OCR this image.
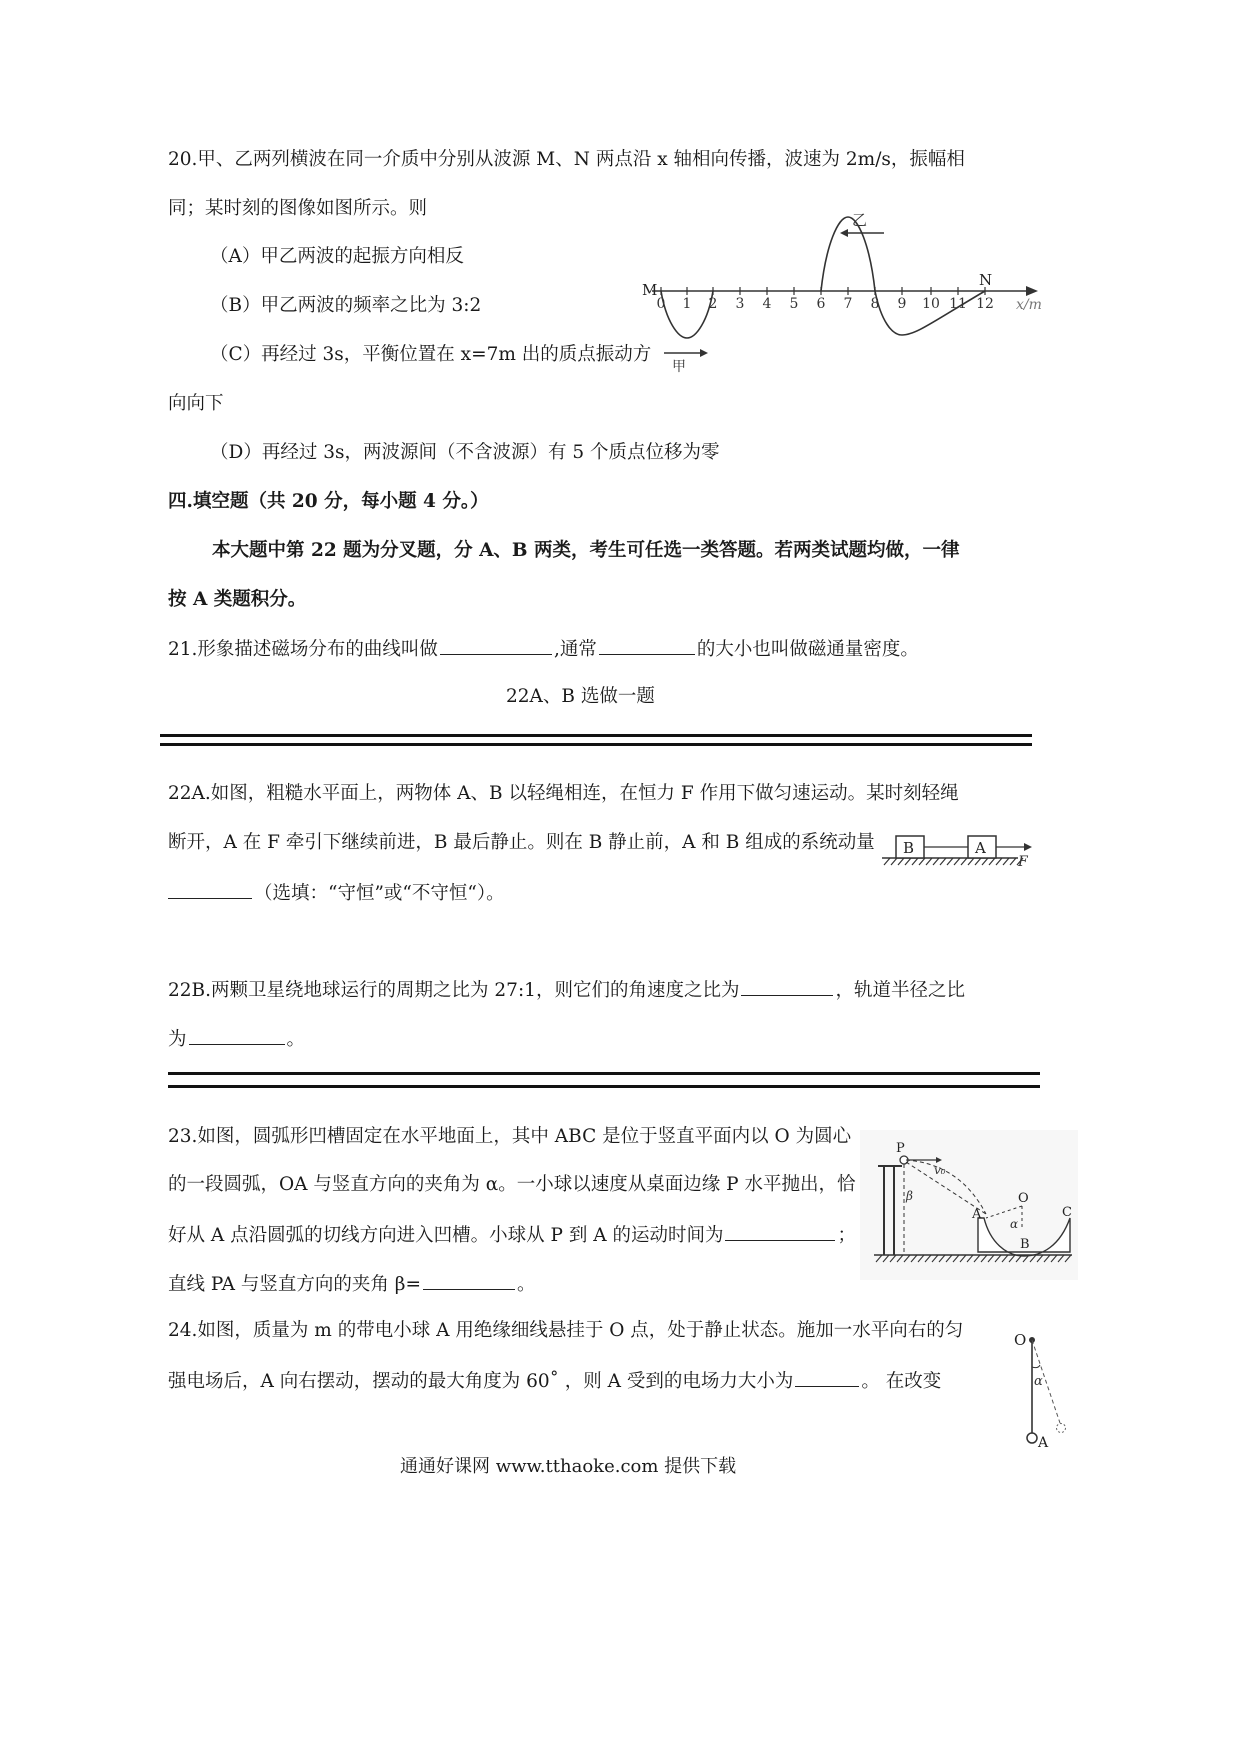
20.甲、乙两列横波在同一介质中分别从波源 M、N 两点沿 x 轴相向传播，波速为 2m/s，振幅相
同；某时刻的图像如图所示。则
（A）甲乙两波的起振方向相反
（B）甲乙两波的频率之比为 3:2
（C）再经过 3s，平衡位置在 x=7m 出的质点振动方
向向下
（D）再经过 3s，两波源间（不含波源）有 5 个质点位移为零
0 1 2 3 4 5 6 7 8 9 10 11 12
M
N
x/m
甲
乙
四.填空题（共 20 分，每小题 4 分。）
本大题中第 22 题为分叉题，分 A、B 两类，考生可任选一类答题。若两类试题均做，一律
按 A 类题积分。
21.形象描述磁场分布的曲线叫做	,通常	的大小也叫做磁通量密度。
22A、B 选做一题
22A.如图，粗糙水平面上，两物体 A、B 以轻绳相连，在恒力 F 作用下做匀速运动。某时刻轻绳
断开，A 在 F 牵引下继续前进，B 最后静止。则在 B 静止前，A 和 B 组成的系统动量
（选填：“守恒”或“不守恒“）。
B	A
F
22B.两颗卫星绕地球运行的周期之比为 27:1，则它们的角速度之比为	，轨道半径之比
为	。
23.如图，圆弧形凹槽固定在水平地面上，其中 ABC 是位于竖直平面内以 O 为圆心
的一段圆弧，OA 与竖直方向的夹角为 α。一小球以速度从桌面边缘 P 水平抛出，恰
好从 A 点沿圆弧的切线方向进入凹槽。小球从 P 到 A 的运动时间为	；
直线 PA 与竖直方向的夹角 β=	。
P
v₀
β
A
B
C
O
α
24.如图，质量为 m 的带电小球 A 用绝缘细线悬挂于 O 点，处于静止状态。施加一水平向右的匀
强电场后，A 向右摆动，摆动的最大角度为 60˚ ，则 A 受到的电场力大小为	。 在改变
O
α
A
通通好课网 www.tthaoke.com 提供下载
